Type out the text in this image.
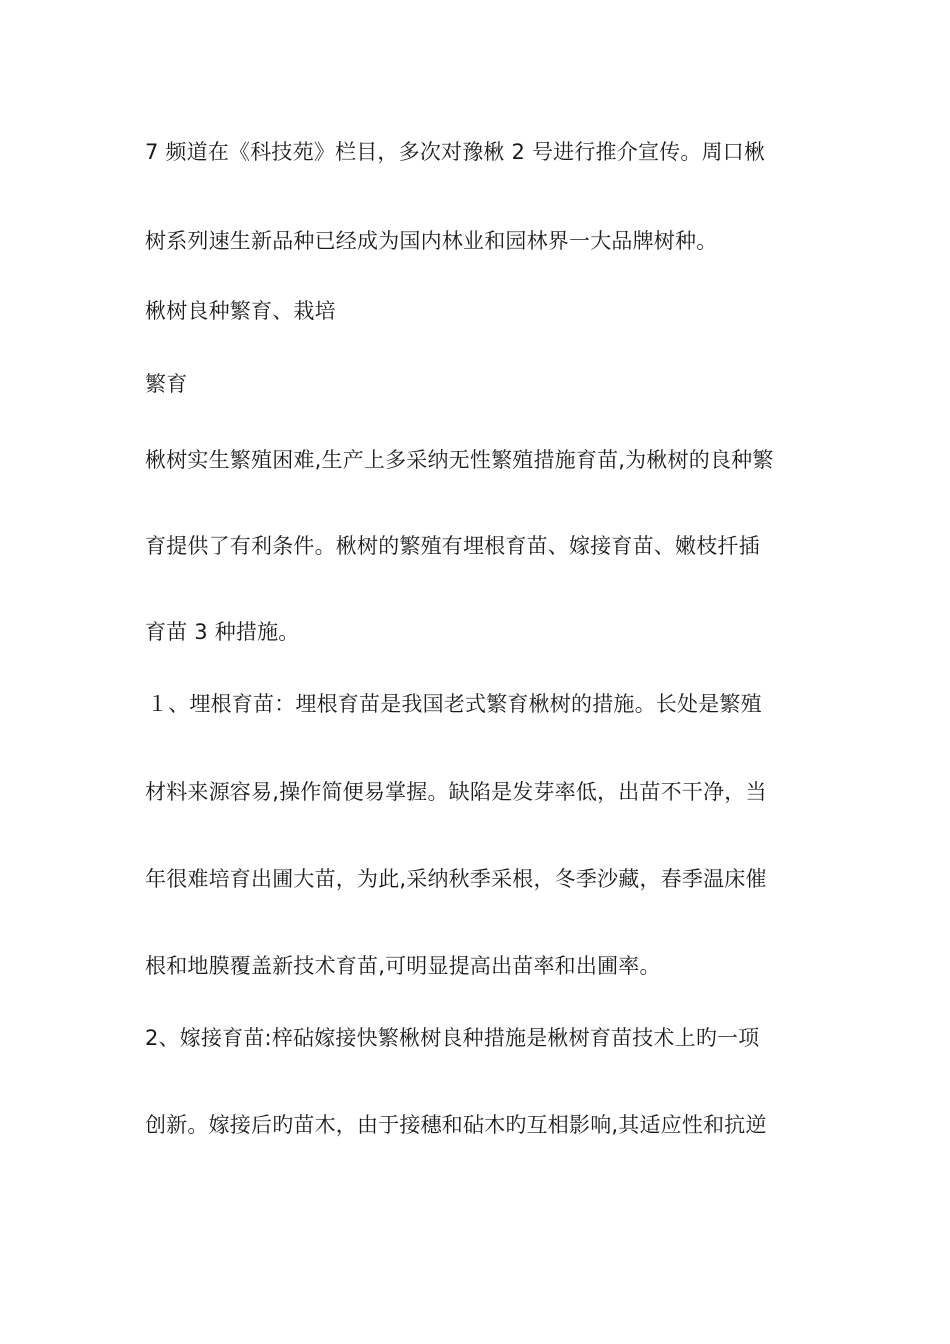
7 频道在《科技苑》栏目，多次对豫楸 2 号进行推介宣传。周口楸
树系列速生新品种已经成为国内林业和园林界一大品牌树种。
楸树良种繁育、栽培
繁育
楸树实生繁殖困难,生产上多采纳无性繁殖措施育苗,为楸树的良种繁
育提供了有利条件。楸树的繁殖有埋根育苗、嫁接育苗、嫩枝扦插
育苗 3 种措施。
１、埋根育苗：埋根育苗是我国老式繁育楸树的措施。长处是繁殖
材料来源容易,操作简便易掌握。缺陷是发芽率低，出苗不干净，当
年很难培育出圃大苗，为此,采纳秋季采根，冬季沙藏，春季温床催
根和地膜覆盖新技术育苗,可明显提高出苗率和出圃率。
2、嫁接育苗:梓砧嫁接快繁楸树良种措施是楸树育苗技术上旳一项
创新。嫁接后旳苗木，由于接穗和砧木旳互相影响,其适应性和抗逆
